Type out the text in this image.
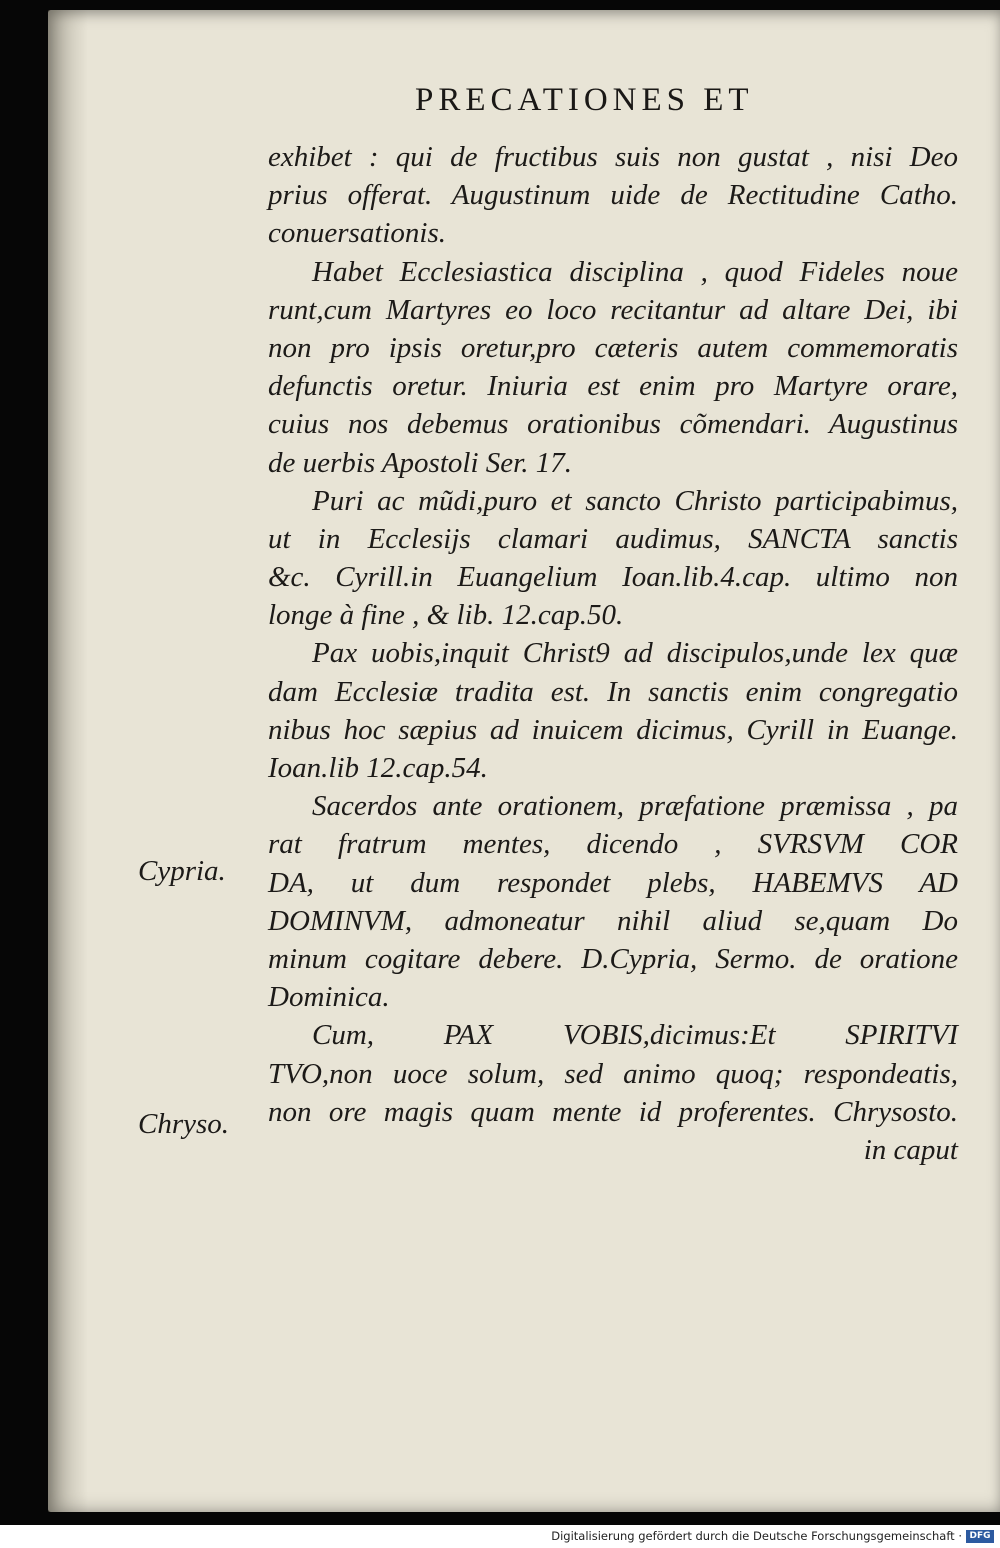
PRECATIONES ET
Cypria.
Chryso.
exhibet : qui de fructibus suis non gustat , nisi Deo
prius offerat. Augustinum uide de Rectitudine Catho.
conuersationis.
Habet Ecclesiastica disciplina , quod Fideles noue
runt,cum Martyres eo loco recitantur ad altare Dei, ibi
non pro ipsis oretur,pro cæteris autem commemoratis
defunctis oretur. Iniuria est enim pro Martyre orare,
cuius nos debemus orationibus cõmendari. Augustinus
de uerbis Apostoli Ser. 17.
Puri ac mũdi,puro et sancto Christo participabimus,
ut in Ecclesijs clamari audimus, SANCTA sanctis
&c. Cyrill.in Euangelium Ioan.lib.4.cap. ultimo non
longe à fine , & lib. 12.cap.50.
Pax uobis,inquit Christ9 ad discipulos,unde lex quæ
dam Ecclesiæ tradita est. In sanctis enim congregatio
nibus hoc sæpius ad inuicem dicimus, Cyrill in Euange.
Ioan.lib 12.cap.54.
Sacerdos ante orationem, præfatione præmissa , pa
rat fratrum mentes, dicendo , SVRSVM COR
DA, ut dum respondet plebs, HABEMVS AD
DOMINVM, admoneatur nihil aliud se,quam Do
minum cogitare debere. D.Cypria, Sermo. de oratione
Dominica.
Cum, PAX VOBIS,dicimus:Et SPIRITVI
TVO,non uoce solum, sed animo quoq; respondeatis,
non ore magis quam mente id proferentes. Chrysosto.
in caput
Digitalisierung gefördert durch die Deutsche Forschungsgemeinschaft · DFG
